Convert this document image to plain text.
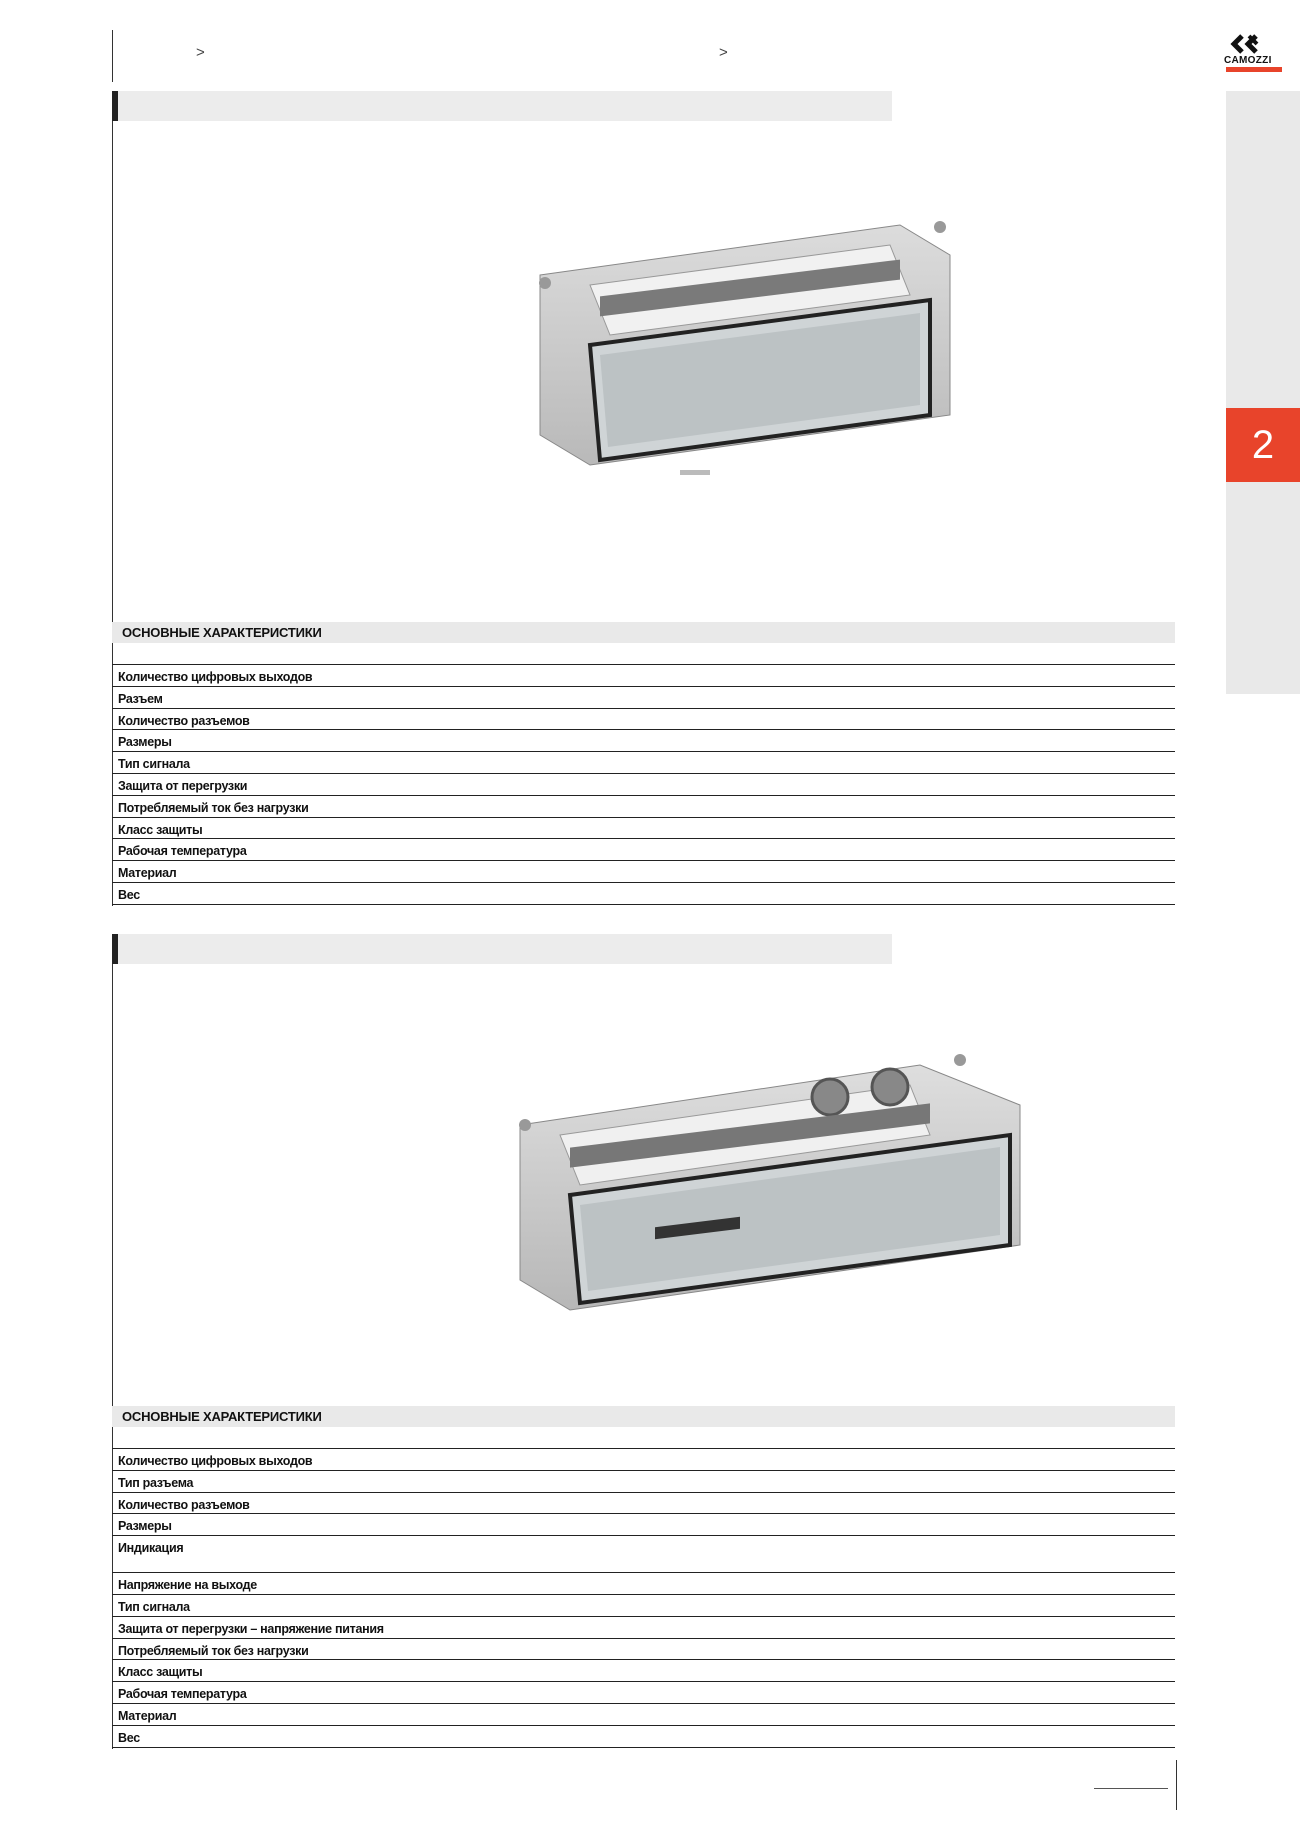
>	>	CAMOZZI
2
ОСНОВНЫЕ ХАРАКТЕРИСТИКИ
Количество цифровых выходов
Разъем
Количество разъемов
Размеры
Тип сигнала
Защита от перегрузки
Потребляемый ток без нагрузки
Класс защиты
Рабочая температура
Материал
Вес
ОСНОВНЫЕ ХАРАКТЕРИСТИКИ
Количество цифровых выходов
Тип разъема
Количество разъемов
Размеры
Индикация
Напряжение на выходе
Тип сигнала
Защита от перегрузки – напряжение питания
Потребляемый ток без нагрузки
Класс защиты
Рабочая температура
Материал
Вес
